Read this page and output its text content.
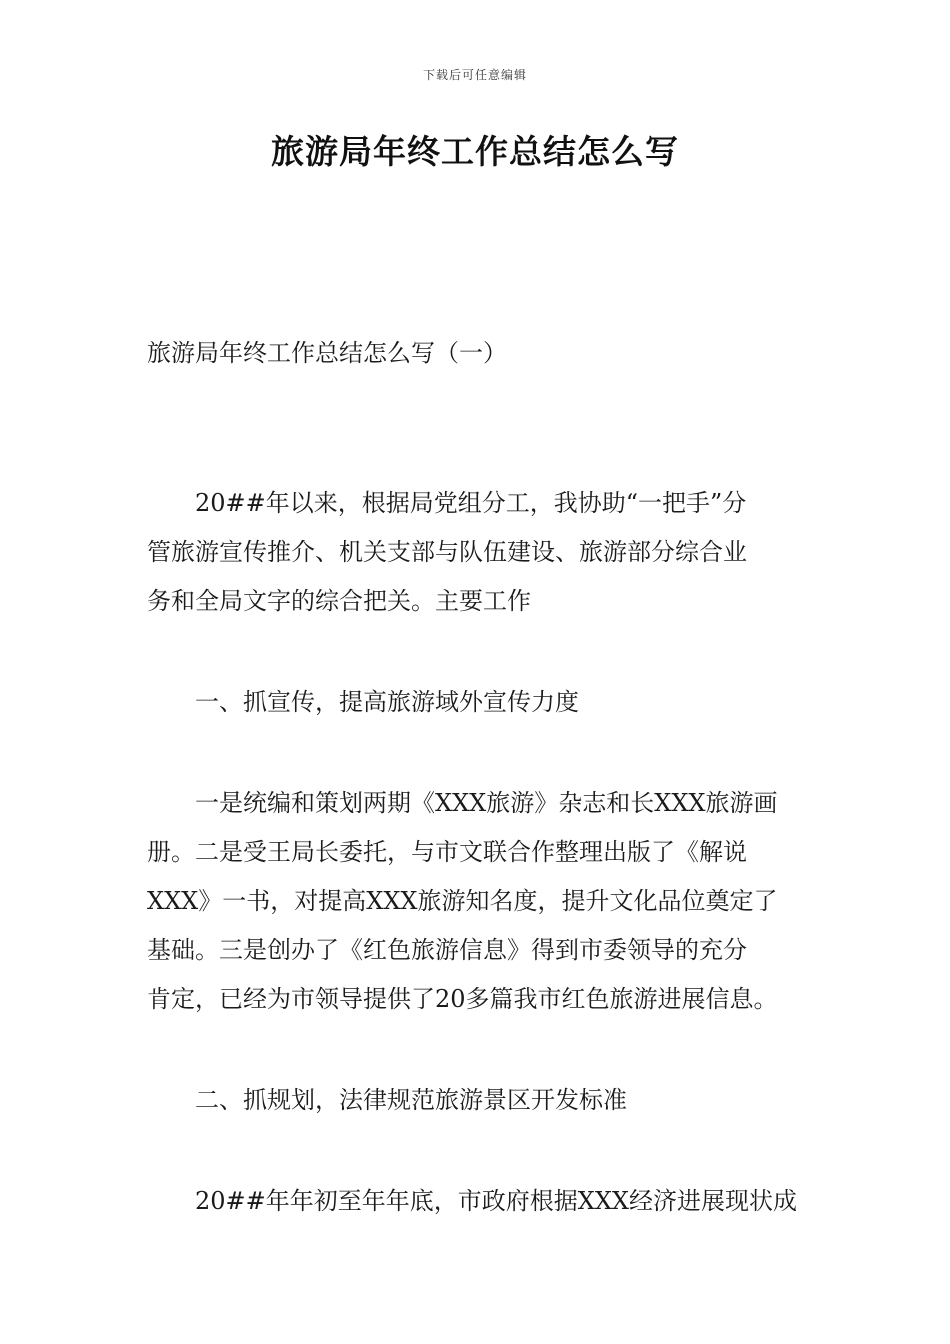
下载后可任意编辑
旅游局年终工作总结怎么写
旅游局年终工作总结怎么写（一）
20##年以来，根据局党组分工，我协助“一把手”分
管旅游宣传推介、机关支部与队伍建设、旅游部分综合业
务和全局文字的综合把关。主要工作
一、抓宣传，提高旅游域外宣传力度
一是统编和策划两期《XXX旅游》杂志和长XXX旅游画
册。二是受王局长委托，与市文联合作整理出版了《解说
XXX》一书，对提高XXX旅游知名度，提升文化品位奠定了
基础。三是创办了《红色旅游信息》得到市委领导的充分
肯定，已经为市领导提供了20多篇我市红色旅游进展信息。
二、抓规划，法律规范旅游景区开发标准
20##年年初至年年底，市政府根据XXX经济进展现状成
